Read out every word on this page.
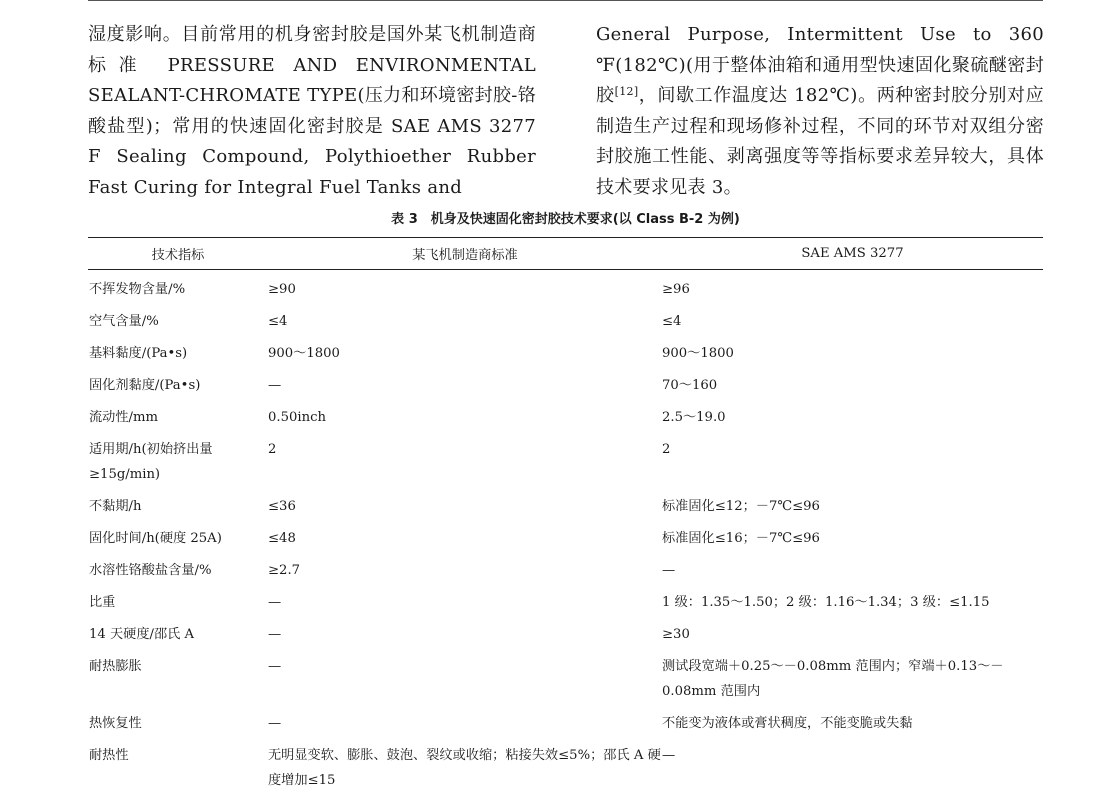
湿度影响。目前常用的机身密封胶是国外某飞机制造商标准 PRESSURE AND ENVIRONMENTAL SEALANT-CHROMATE TYPE(压力和环境密封胶-铬酸盐型)；常用的快速固化密封胶是 SAE AMS 3277 F Sealing Compound, Polythioether Rubber Fast Curing for Integral Fuel Tanks and

General Purpose, Intermittent Use to 360 ℉(182℃)(用于整体油箱和通用型快速固化聚硫醚密封胶[12]，间歇工作温度达 182℃)。两种密封胶分别对应制造生产过程和现场修补过程，不同的环节对双组分密封胶施工性能、剥离强度等等指标要求差异较大，具体技术要求见表 3。

表 3　机身及快速固化密封胶技术要求(以 Class B-2 为例)
技术指标	某飞机制造商标准	SAE AMS 3277
不挥发物含量/%	≥90	≥96
空气含量/%	≤4	≤4
基料黏度/(Pa•s)	900～1800	900～1800
固化剂黏度/(Pa•s)	—	70～160
流动性/mm	0.50inch	2.5～19.0
适用期/h(初始挤出量≥15g/min)	2	2
不黏期/h	≤36	标准固化≤12；－7℃≤96
固化时间/h(硬度 25A)	≤48	标准固化≤16；－7℃≤96
水溶性铬酸盐含量/%	≥2.7	—
比重	—	1 级：1.35～1.50；2 级：1.16～1.34；3 级：≤1.15
14 天硬度/邵氏 A	—	≥30
耐热膨胀	—	测试段宽端＋0.25～－0.08mm 范围内；窄端＋0.13～－0.08mm 范围内
热恢复性	—	不能变为液体或膏状稠度，不能变脆或失黏
耐热性	无明显变软、膨胀、鼓泡、裂纹或收缩；粘接失效≤5%；邵氏 A 硬度增加≤15	—
